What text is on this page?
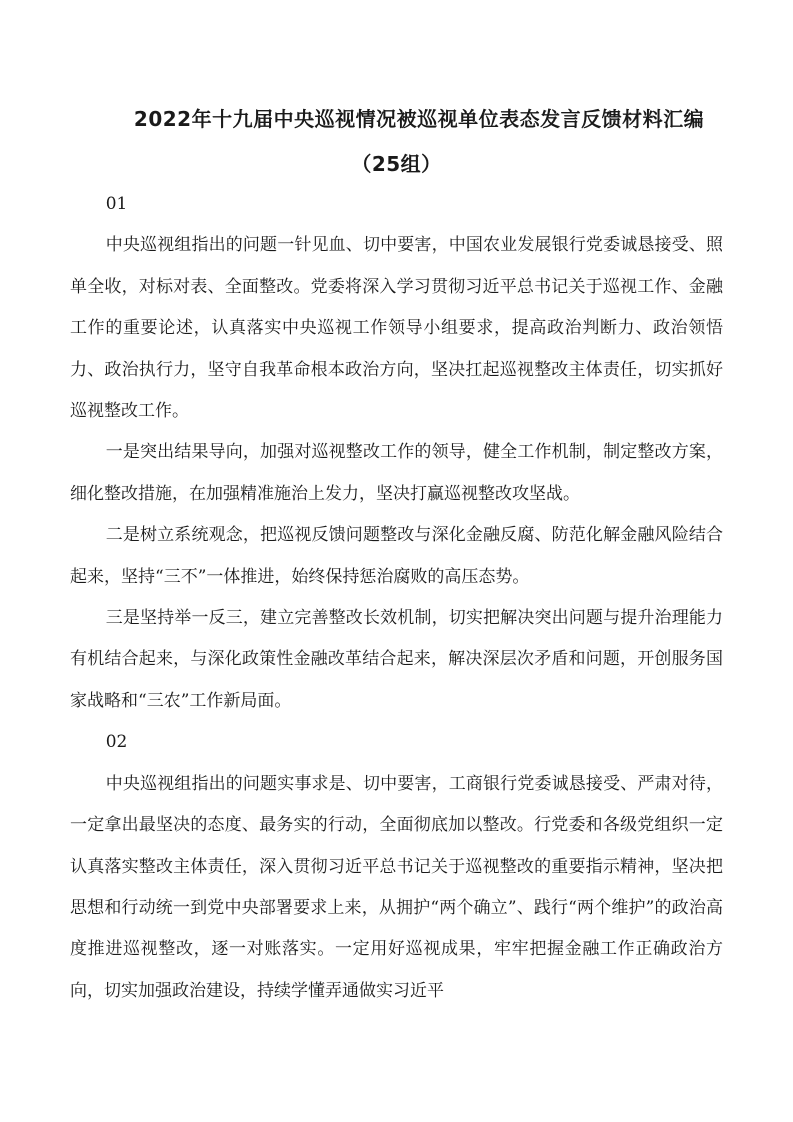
2022年十九届中央巡视情况被巡视单位表态发言反馈材料汇编
（25组）

01

中央巡视组指出的问题一针见血、切中要害，中国农业发展银行党委诚恳接受、照单全收，对标对表、全面整改。党委将深入学习贯彻习近平总书记关于巡视工作、金融工作的重要论述，认真落实中央巡视工作领导小组要求，提高政治判断力、政治领悟力、政治执行力，坚守自我革命根本政治方向，坚决扛起巡视整改主体责任，切实抓好巡视整改工作。

一是突出结果导向，加强对巡视整改工作的领导，健全工作机制，制定整改方案，细化整改措施，在加强精准施治上发力，坚决打赢巡视整改攻坚战。

二是树立系统观念，把巡视反馈问题整改与深化金融反腐、防范化解金融风险结合起来，坚持“三不”一体推进，始终保持惩治腐败的高压态势。

三是坚持举一反三，建立完善整改长效机制，切实把解决突出问题与提升治理能力有机结合起来，与深化政策性金融改革结合起来，解决深层次矛盾和问题，开创服务国家战略和“三农”工作新局面。

02

中央巡视组指出的问题实事求是、切中要害，工商银行党委诚恳接受、严肃对待，一定拿出最坚决的态度、最务实的行动，全面彻底加以整改。行党委和各级党组织一定认真落实整改主体责任，深入贯彻习近平总书记关于巡视整改的重要指示精神，坚决把思想和行动统一到党中央部署要求上来，从拥护“两个确立”、践行“两个维护”的政治高度推进巡视整改，逐一对账落实。一定用好巡视成果，牢牢把握金融工作正确政治方向，切实加强政治建设，持续学懂弄通做实习近平
